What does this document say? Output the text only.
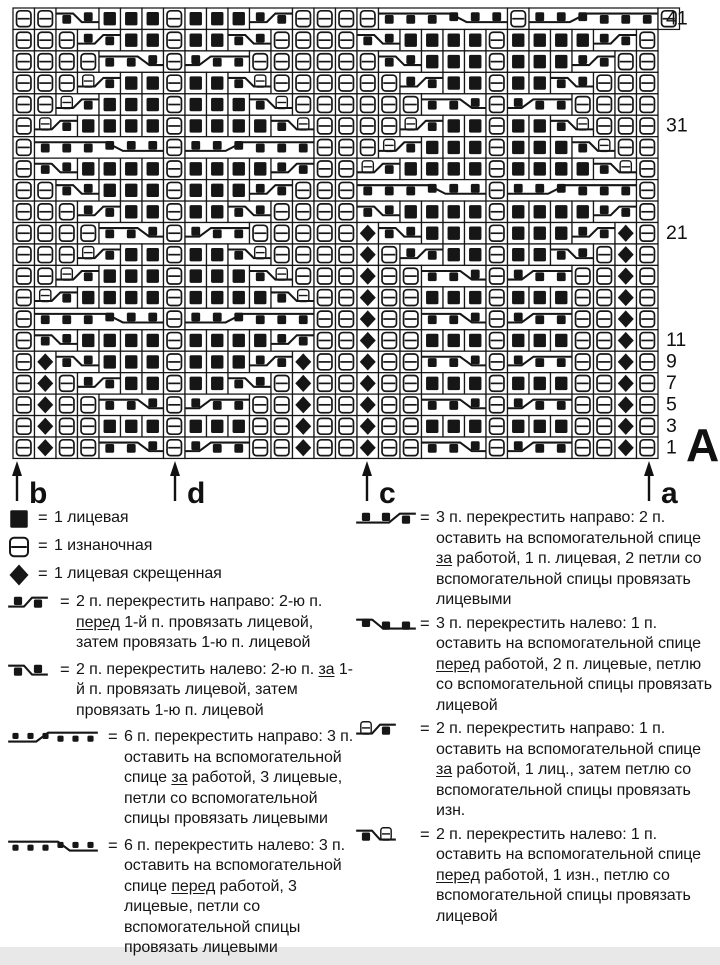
41
31
21
11
9
7
5
3
1
b	d	c	a
A
= 1 лицевая
= 1 изнаночная
= 1 лицевая скрещенная
= 2 п. перекрестить направо: 2-ю п. перед 1-й п. провязать лицевой, затем провязать 1-ю п. лицевой
= 2 п. перекрестить налево: 2-ю п. за 1-й п. провязать лицевой, затем провязать 1-ю п. лицевой
= 6 п. перекрестить направо: 3 п. оставить на вспомогательной спице за работой, 3 лицевые, петли со вспомогательной спицы провязать лицевыми
= 6 п. перекрестить налево: 3 п. оставить на вспомогательной спице перед работой, 3 лицевые, петли со вспомогательной спицы провязать лицевыми
= 3 п. перекрестить направо: 2 п. оставить на вспомогательной спице за работой, 1 п. лицевая, 2 петли со вспомогательной спицы провязать лицевыми
= 3 п. перекрестить налево: 1 п. оставить на вспомогательной спице перед работой, 2 п. лицевые, петлю со вспомогательной спицы провязать лицевой
= 2 п. перекрестить направо: 1 п. оставить на вспомогательной спице за работой, 1 лиц., затем петлю со вспомогательной спицы провязать изн.
= 2 п. перекрестить налево: 1 п. оставить на вспомогательной спице перед работой, 1 изн., петлю со вспомогательной спицы провязать лицевой
